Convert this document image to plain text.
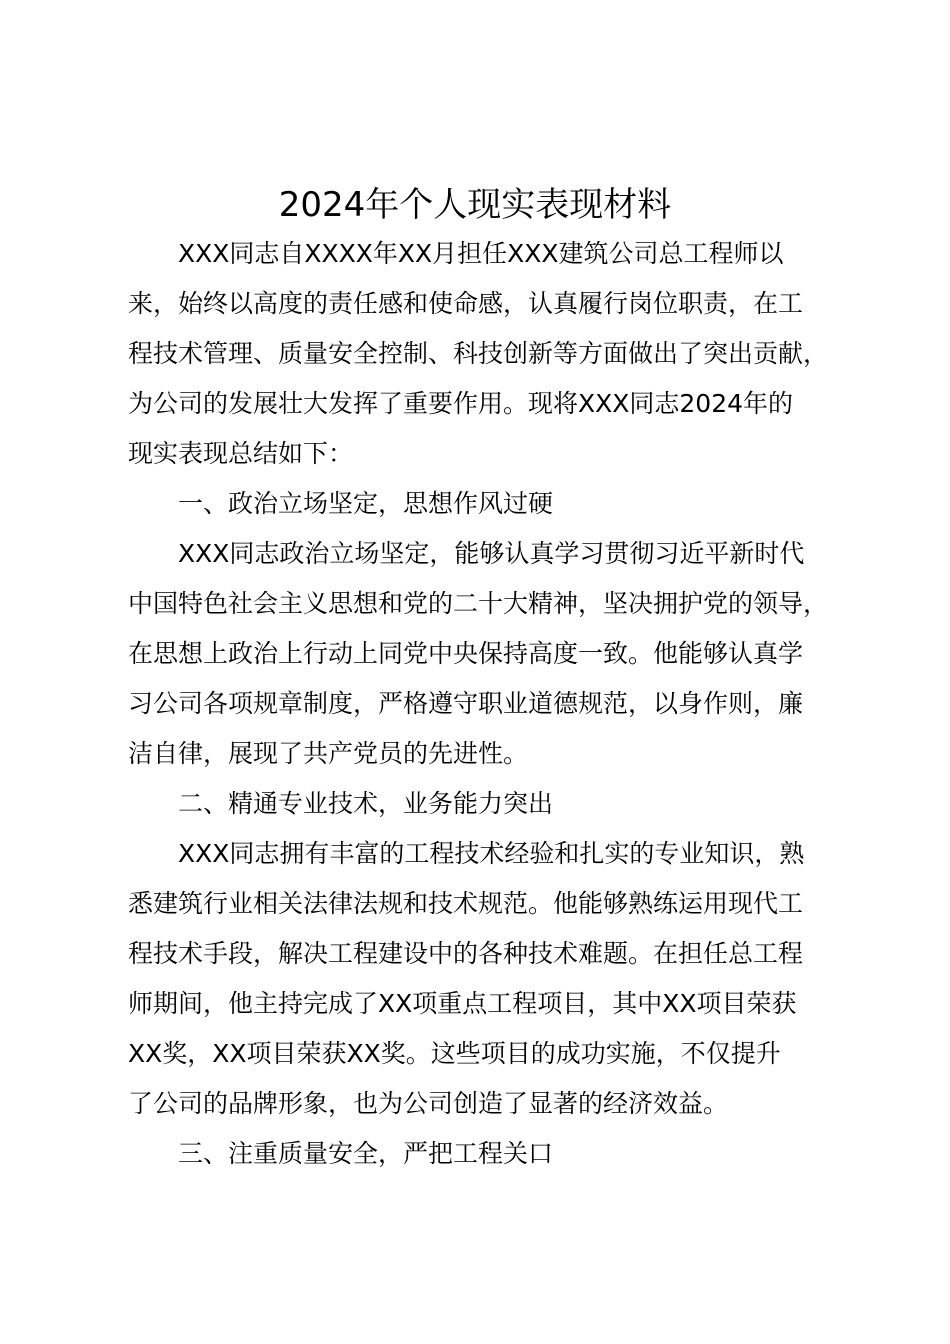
2024年个人现实表现材料
XXX同志自XXXX年XX月担任XXX建筑公司总工程师以
来，始终以高度的责任感和使命感，认真履行岗位职责，在工
程技术管理、质量安全控制、科技创新等方面做出了突出贡献，
为公司的发展壮大发挥了重要作用。现将XXX同志2024年的
现实表现总结如下：
一、政治立场坚定，思想作风过硬
XXX同志政治立场坚定，能够认真学习贯彻习近平新时代
中国特色社会主义思想和党的二十大精神，坚决拥护党的领导，
在思想上政治上行动上同党中央保持高度一致。他能够认真学
习公司各项规章制度，严格遵守职业道德规范，以身作则，廉
洁自律，展现了共产党员的先进性。
二、精通专业技术，业务能力突出
XXX同志拥有丰富的工程技术经验和扎实的专业知识，熟
悉建筑行业相关法律法规和技术规范。他能够熟练运用现代工
程技术手段，解决工程建设中的各种技术难题。在担任总工程
师期间，他主持完成了XX项重点工程项目，其中XX项目荣获
XX奖，XX项目荣获XX奖。这些项目的成功实施，不仅提升
了公司的品牌形象，也为公司创造了显著的经济效益。
三、注重质量安全，严把工程关口
